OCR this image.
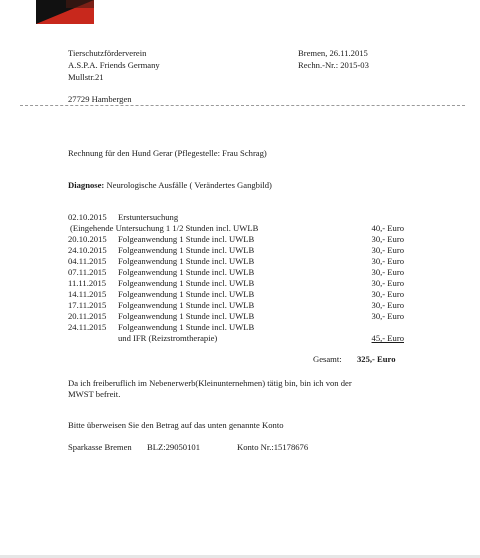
Tierschutzförderverein
A.S.P.A. Friends Germany
Mullstr.21
27729 Hambergen
Bremen, 26.11.2015
Rechn.-Nr.: 2015-03
Rechnung für den Hund Gerar (Pflegestelle: Frau Schrag)
Diagnose: Neurologische Ausfälle ( Verändertes Gangbild)
02.10.2015 Erstuntersuchung
(Eingehende Untersuchung 1 1/2 Stunden incl. UWLB	40,- Euro
20.10.2015 Folgeanwendung 1 Stunde incl. UWLB	30,- Euro
24.10.2015 Folgeanwendung 1 Stunde incl. UWLB	30,- Euro
04.11.2015 Folgeanwendung 1 Stunde incl. UWLB	30,- Euro
07.11.2015 Folgeanwendung 1 Stunde incl. UWLB	30,- Euro
11.11.2015 Folgeanwendung 1 Stunde incl. UWLB	30,- Euro
14.11.2015 Folgeanwendung 1 Stunde incl. UWLB	30,- Euro
17.11.2015 Folgeanwendung 1 Stunde incl. UWLB	30,- Euro
20.11.2015 Folgeanwendung 1 Stunde incl. UWLB	30,- Euro
24.11.2015 Folgeanwendung 1 Stunde incl. UWLB
und IFR (Reizstromtherapie)	45,- Euro
Gesamt: 325,- Euro
Da ich freiberuflich im Nebenerwerb(Kleinunternehmen) tätig bin, bin ich von der
MWST befreit.
Bitte überweisen Sie den Betrag auf das unten genannte Konto
Sparkasse Bremen BLZ:29050101	Konto Nr.:15178676
